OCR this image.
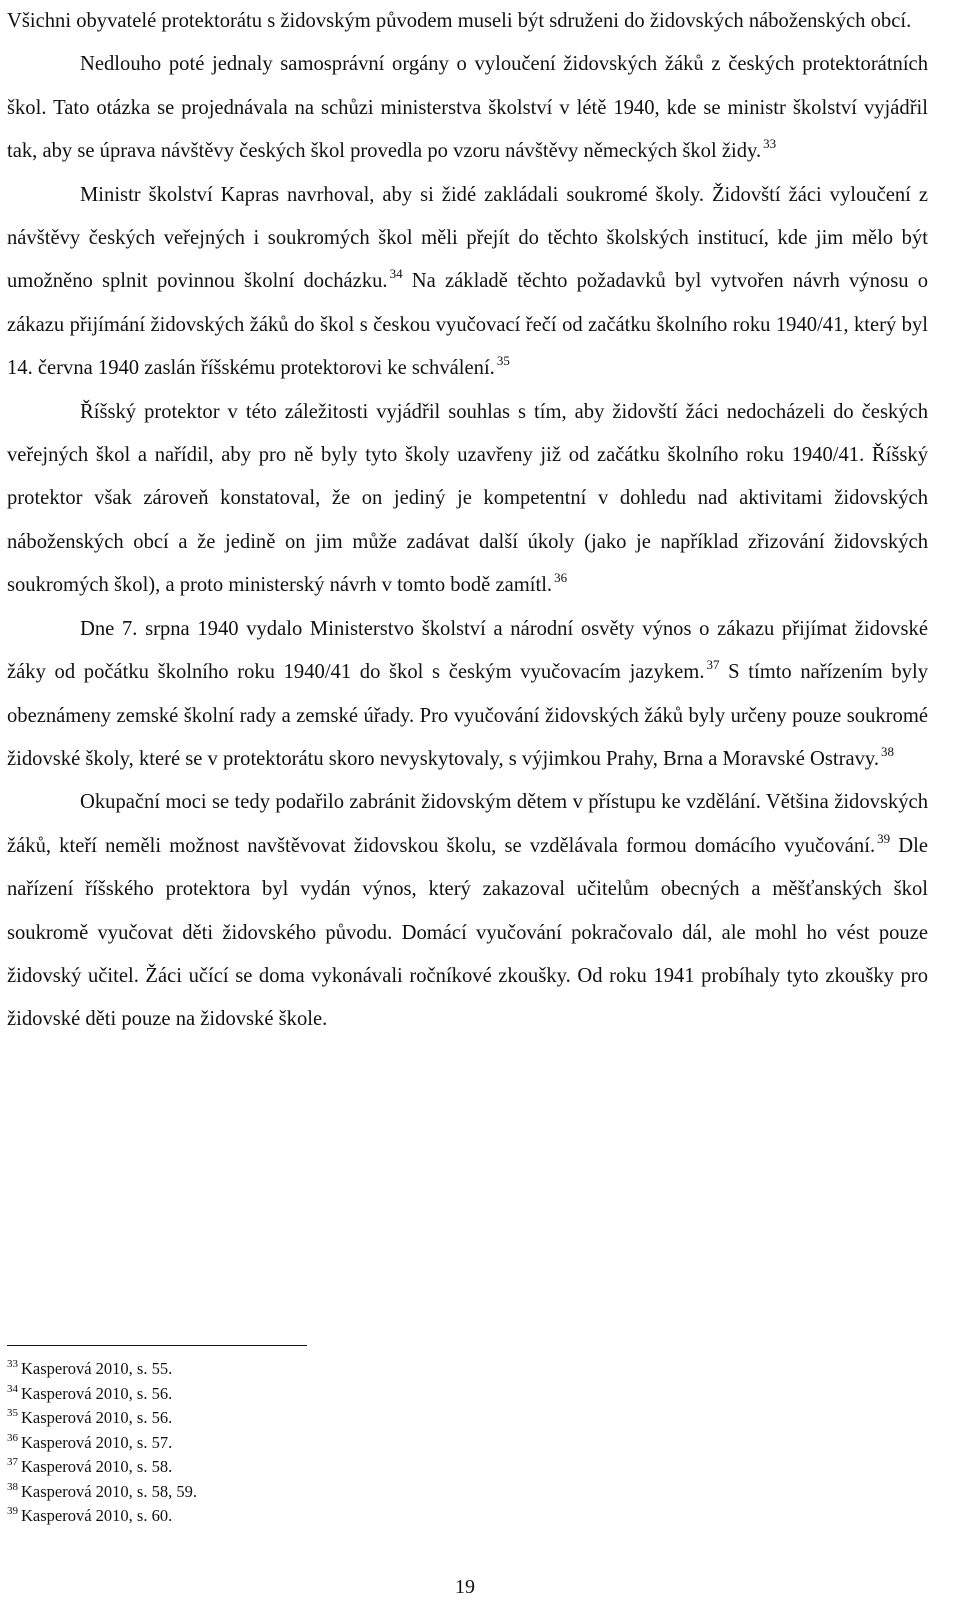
Všichni obyvatelé protektorátu s židovským původem museli být sdruženi do židovských náboženských obcí.

Nedlouho poté jednaly samosprávní orgány o vyloučení židovských žáků z českých protektorátních škol. Tato otázka se projednávala na schůzi ministerstva školství v létě 1940, kde se ministr školství vyjádřil tak, aby se úprava návštěvy českých škol provedla po vzoru návštěvy německých škol židy. $^{33}$

Ministr školství Kapras navrhoval, aby si židé zakládali soukromé školy. Židovští žáci vyloučení z návštěvy českých veřejných i soukromých škol měli přejít do těchto školských institucí, kde jim mělo být umožněno splnit povinnou školní docházku. $^{34}$ Na základě těchto požadavků byl vytvořen návrh výnosu o zákazu přijímání židovských žáků do škol s českou vyučovací řečí od začátku školního roku 1940/41, který byl 14. června 1940 zaslán říšskému protektorovi ke schválení. $^{35}$

Říšský protektor v této záležitosti vyjádřil souhlas s tím, aby židovští žáci nedocházeli do českých veřejných škol a nařídil, aby pro ně byly tyto školy uzavřeny již od začátku školního roku 1940/41. Říšský protektor však zároveň konstatoval, že on jediný je kompetentní v dohledu nad aktivitami židovských náboženských obcí a že jedině on jim může zadávat další úkoly (jako je například zřizování židovských soukromých škol), a proto ministerský návrh v tomto bodě zamítl. $^{36}$

Dne 7. srpna 1940 vydalo Ministerstvo školství a národní osvěty výnos o zákazu přijímat židovské žáky od počátku školního roku 1940/41 do škol s českým vyučovacím jazykem. $^{37}$ S tímto nařízením byly obeznámeny zemské školní rady a zemské úřady. Pro vyučování židovských žáků byly určeny pouze soukromé židovské školy, které se v protektorátu skoro nevyskytovaly, s výjimkou Prahy, Brna a Moravské Ostravy. $^{38}$

Okupační moci se tedy podařilo zabránit židovským dětem v přístupu ke vzdělání. Většina židovských žáků, kteří neměli možnost navštěvovat židovskou školu, se vzdělávala formou domácího vyučování. $^{39}$ Dle nařízení říšského protektora byl vydán výnos, který zakazoval učitelům obecných a měšťanských škol soukromě vyučovat děti židovského původu. Domácí vyučování pokračovalo dál, ale mohl ho vést pouze židovský učitel. Žáci učící se doma vykonávali ročníkové zkoušky. Od roku 1941 probíhaly tyto zkoušky pro židovské děti pouze na židovské škole.

$^{33}$ Kasperová 2010, s. 55.

$^{34}$ Kasperová 2010, s. 56.

$^{35}$ Kasperová 2010, s. 56.

$^{36}$ Kasperová 2010, s. 57.

$^{37}$ Kasperová 2010, s. 58.

$^{38}$ Kasperová 2010, s. 58, 59.

$^{39}$ Kasperová 2010, s. 60.

19
